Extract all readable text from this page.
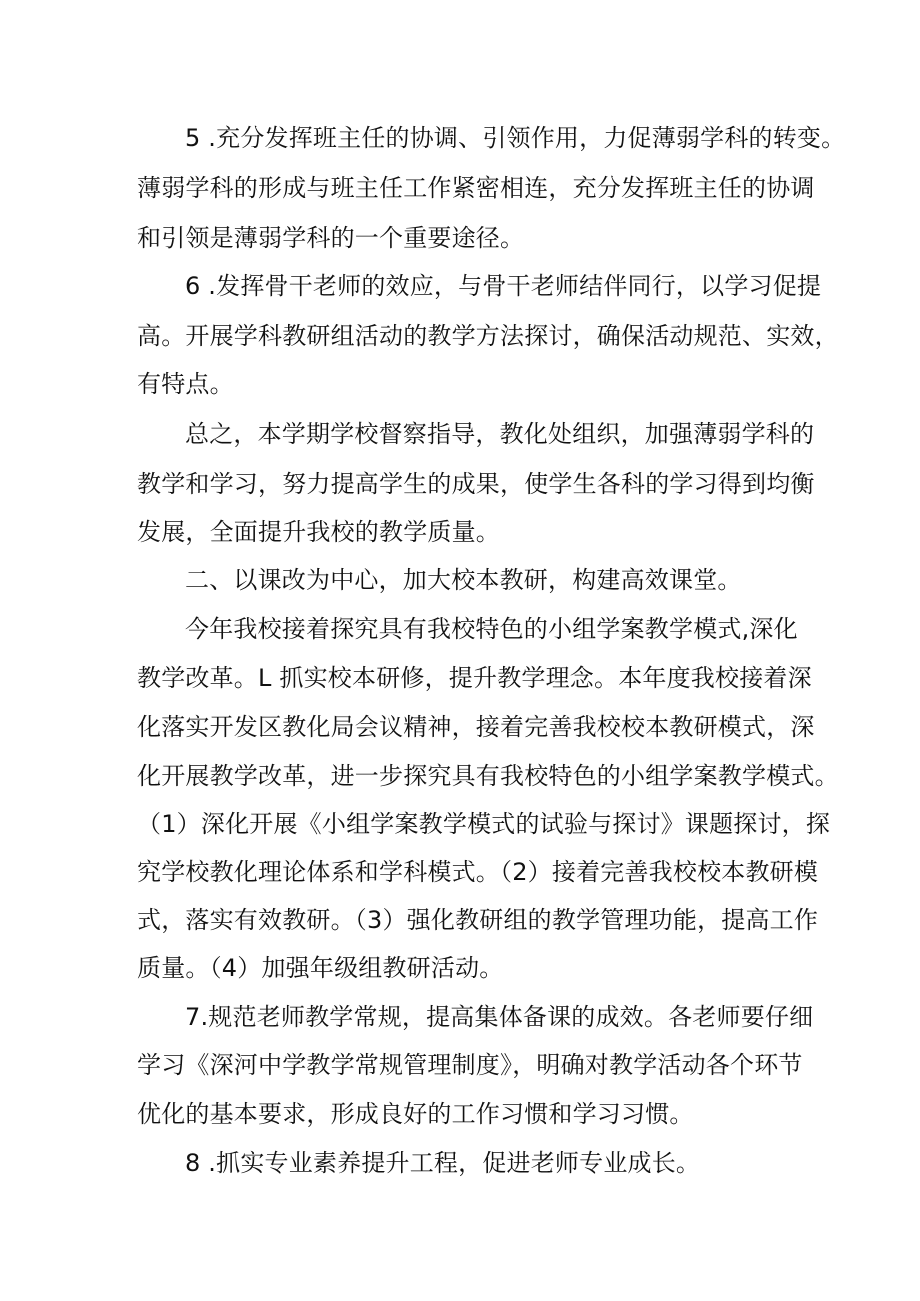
5 .充分发挥班主任的协调、引领作用，力促薄弱学科的转变。
薄弱学科的形成与班主任工作紧密相连，充分发挥班主任的协调
和引领是薄弱学科的一个重要途径。
6 .发挥骨干老师的效应，与骨干老师结伴同行，以学习促提
高。开展学科教研组活动的教学方法探讨，确保活动规范、实效，
有特点。
总之，本学期学校督察指导，教化处组织，加强薄弱学科的
教学和学习，努力提高学生的成果，使学生各科的学习得到均衡
发展，全面提升我校的教学质量。
二、以课改为中心，加大校本教研，构建高效课堂。
今年我校接着探究具有我校特色的小组学案教学模式,深化
教学改革。L 抓实校本研修，提升教学理念。本年度我校接着深
化落实开发区教化局会议精神，接着完善我校校本教研模式，深
化开展教学改革，进一步探究具有我校特色的小组学案教学模式。
（1）深化开展《小组学案教学模式的试验与探讨》课题探讨，探
究学校教化理论体系和学科模式。（2）接着完善我校校本教研模
式，落实有效教研。（3）强化教研组的教学管理功能，提高工作
质量。（4）加强年级组教研活动。
7.规范老师教学常规，提高集体备课的成效。各老师要仔细
学习《深河中学教学常规管理制度》，明确对教学活动各个环节
优化的基本要求，形成良好的工作习惯和学习习惯。
8 .抓实专业素养提升工程，促进老师专业成长。
